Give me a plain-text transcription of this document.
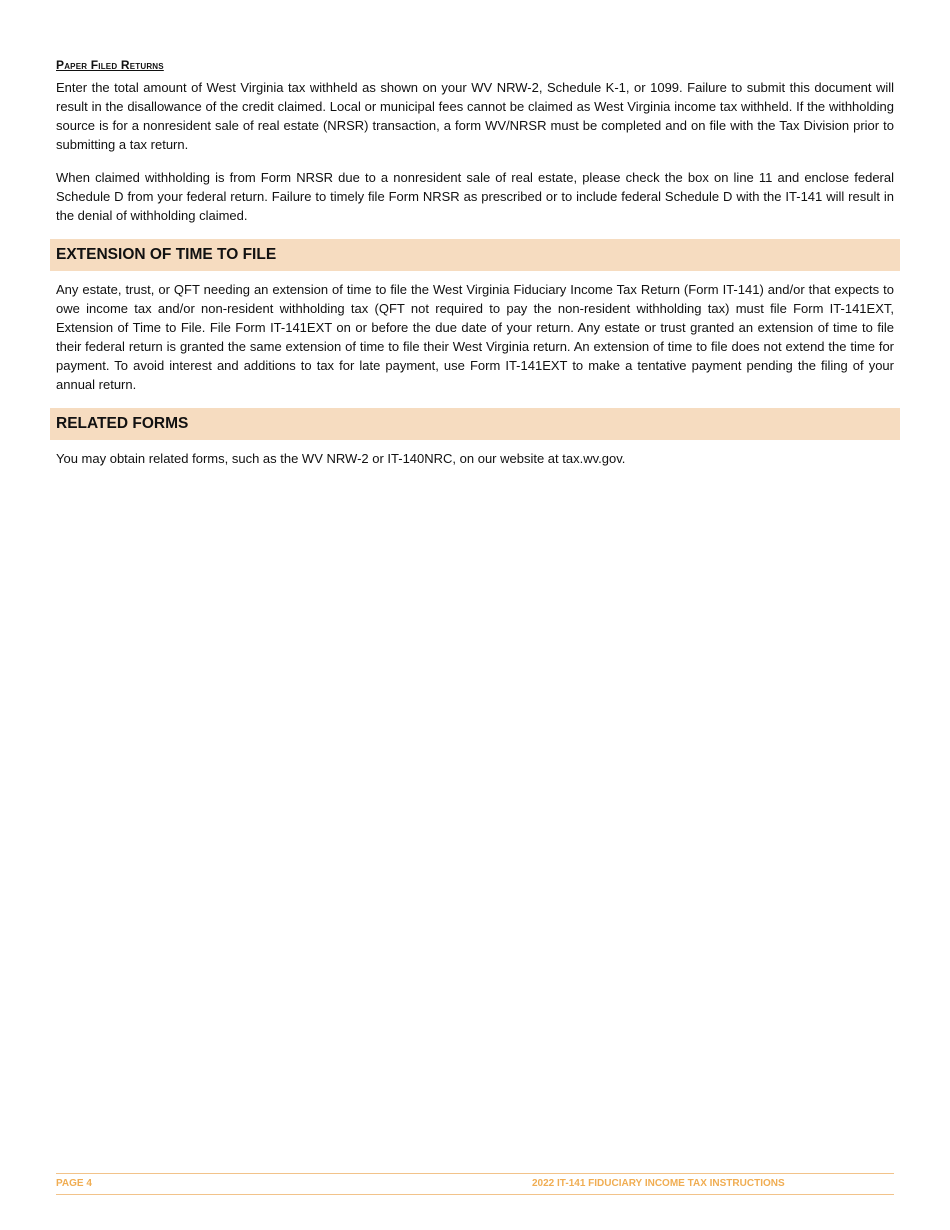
Paper Filed Returns

Enter the total amount of West Virginia tax withheld as shown on your WV NRW-2, Schedule K-1, or 1099. Failure to submit this document will result in the disallowance of the credit claimed. Local or municipal fees cannot be claimed as West Virginia income tax withheld. If the withholding source is for a nonresident sale of real estate (NRSR) transaction, a form WV/NRSR must be completed and on file with the Tax Division prior to submitting a tax return.

When claimed withholding is from Form NRSR due to a nonresident sale of real estate, please check the box on line 11 and enclose federal Schedule D from your federal return. Failure to timely file Form NRSR as prescribed or to include federal Schedule D with the IT-141 will result in the denial of withholding claimed.

EXTENSION OF TIME TO FILE

Any estate, trust, or QFT needing an extension of time to file the West Virginia Fiduciary Income Tax Return (Form IT-141) and/or that expects to owe income tax and/or non-resident withholding tax (QFT not required to pay the non-resident withholding tax) must file Form IT-141EXT, Extension of Time to File. File Form IT-141EXT on or before the due date of your return. Any estate or trust granted an extension of time to file their federal return is granted the same extension of time to file their West Virginia return. An extension of time to file does not extend the time for payment. To avoid interest and additions to tax for late payment, use Form IT-141EXT to make a tentative payment pending the filing of your annual return.

RELATED FORMS

You may obtain related forms, such as the WV NRW-2 or IT-140NRC, on our website at tax.wv.gov.

PAGE 4	2022 IT-141 FIDUCIARY INCOME TAX INSTRUCTIONS
